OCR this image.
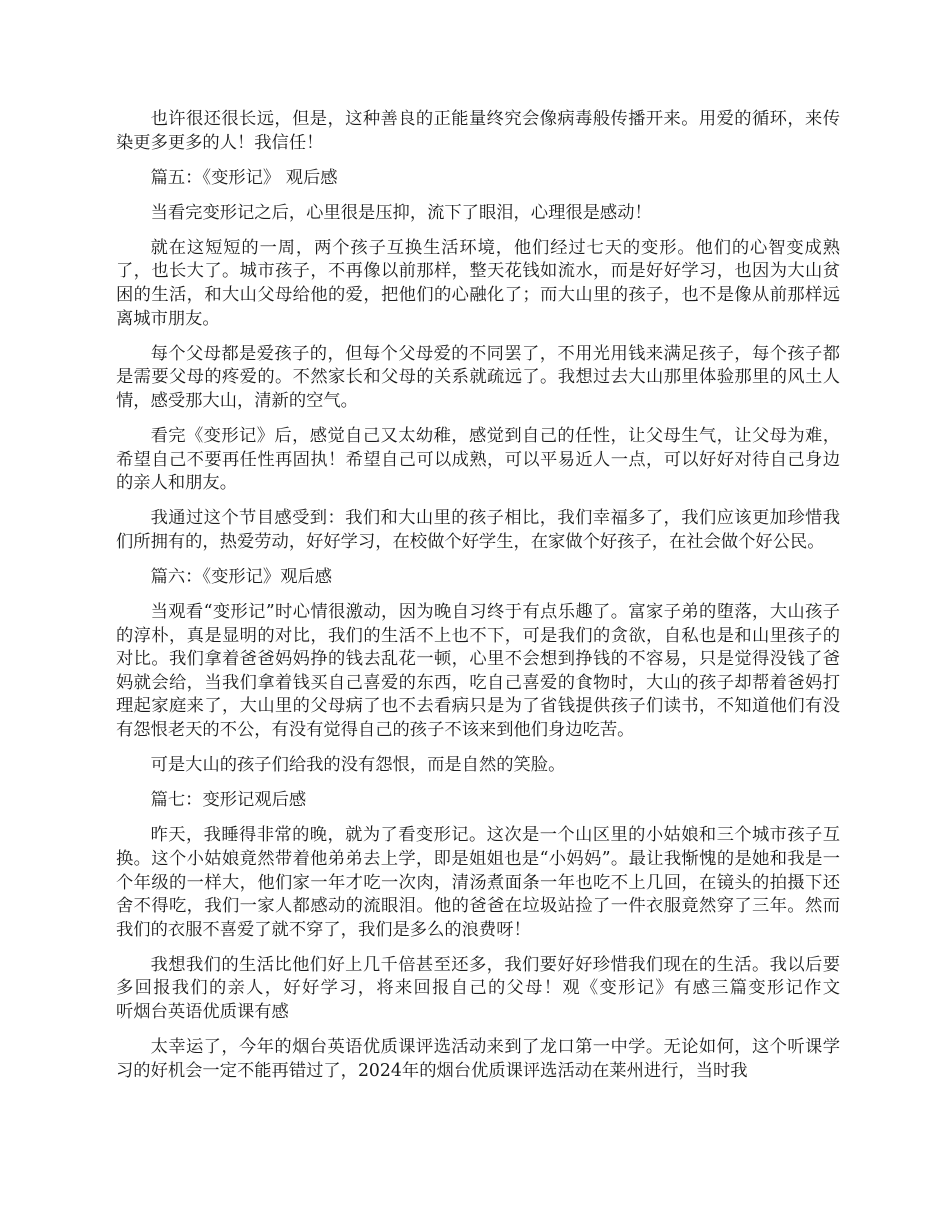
也许很还很长远，但是，这种善良的正能量终究会像病毒般传播开来。用爱的循环，来传染更多更多的人！我信任！

篇五：《变形记》 观后感

当看完变形记之后，心里很是压抑，流下了眼泪，心理很是感动！

就在这短短的一周，两个孩子互换生活环境，他们经过七天的变形。他们的心智变成熟了，也长大了。城市孩子，不再像以前那样，整天花钱如流水，而是好好学习，也因为大山贫困的生活，和大山父母给他的爱，把他们的心融化了；而大山里的孩子，也不是像从前那样远离城市朋友。

每个父母都是爱孩子的，但每个父母爱的不同罢了，不用光用钱来满足孩子，每个孩子都是需要父母的疼爱的。不然家长和父母的关系就疏远了。我想过去大山那里体验那里的风土人情，感受那大山，清新的空气。

看完《变形记》后，感觉自己又太幼稚，感觉到自己的任性，让父母生气，让父母为难，希望自己不要再任性再固执！希望自己可以成熟，可以平易近人一点，可以好好对待自己身边的亲人和朋友。

我通过这个节目感受到：我们和大山里的孩子相比，我们幸福多了，我们应该更加珍惜我们所拥有的，热爱劳动，好好学习，在校做个好学生，在家做个好孩子，在社会做个好公民。

篇六：《变形记》观后感

当观看“变形记”时心情很激动，因为晚自习终于有点乐趣了。富家子弟的堕落，大山孩子的淳朴，真是显明的对比，我们的生活不上也不下，可是我们的贪欲，自私也是和山里孩子的对比。我们拿着爸爸妈妈挣的钱去乱花一顿，心里不会想到挣钱的不容易，只是觉得没钱了爸妈就会给，当我们拿着钱买自己喜爱的东西，吃自己喜爱的食物时，大山的孩子却帮着爸妈打理起家庭来了，大山里的父母病了也不去看病只是为了省钱提供孩子们读书，不知道他们有没有怨恨老天的不公，有没有觉得自己的孩子不该来到他们身边吃苦。

可是大山的孩子们给我的没有怨恨，而是自然的笑脸。

篇七：变形记观后感

昨天，我睡得非常的晚，就为了看变形记。这次是一个山区里的小姑娘和三个城市孩子互换。这个小姑娘竟然带着他弟弟去上学，即是姐姐也是“小妈妈”。最让我惭愧的是她和我是一个年级的一样大，他们家一年才吃一次肉，清汤煮面条一年也吃不上几回，在镜头的拍摄下还舍不得吃，我们一家人都感动的流眼泪。他的爸爸在垃圾站捡了一件衣服竟然穿了三年。然而我们的衣服不喜爱了就不穿了，我们是多么的浪费呀！

我想我们的生活比他们好上几千倍甚至还多，我们要好好珍惜我们现在的生活。我以后要多回报我们的亲人，好好学习，将来回报自己的父母！观《变形记》有感三篇变形记作文　　听烟台英语优质课有感

太幸运了，今年的烟台英语优质课评选活动来到了龙口第一中学。无论如何，这个听课学习的好机会一定不能再错过了，2024年的烟台优质课评选活动在莱州进行，当时我
